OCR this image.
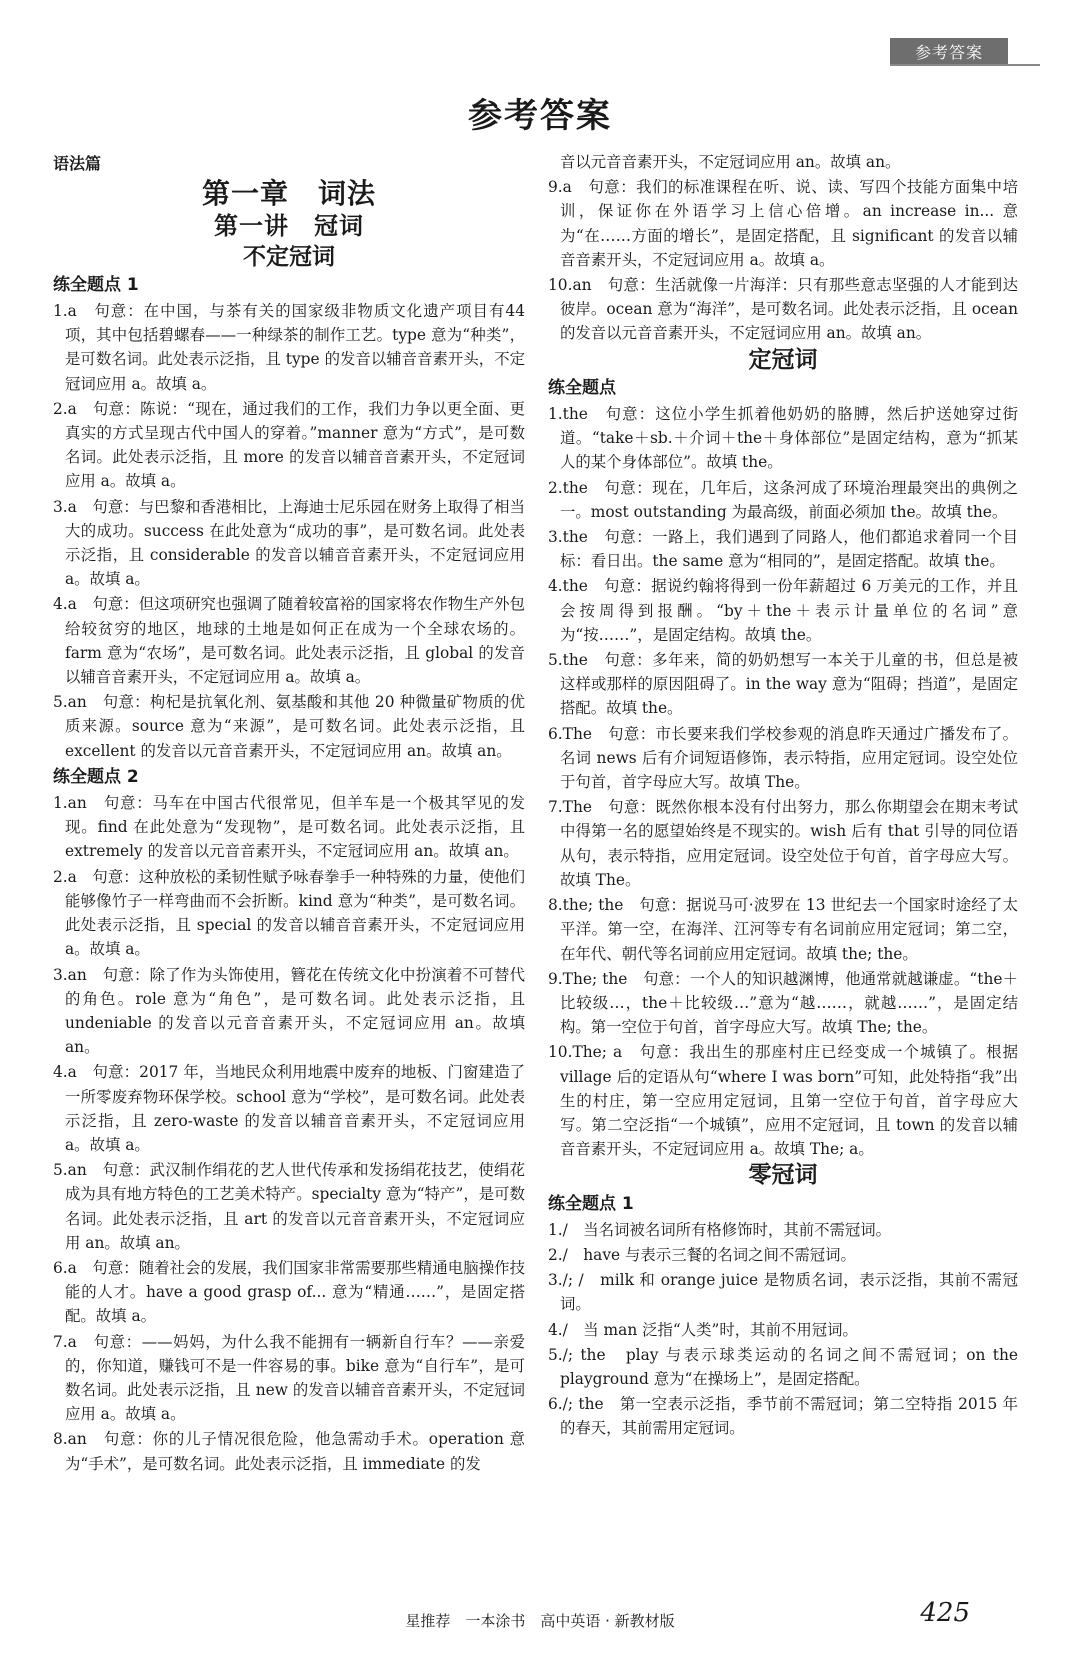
参考答案
参考答案
语法篇
第一章　词法
第一讲　冠词
不定冠词
练全题点 1
1.a　句意：在中国，与茶有关的国家级非物质文化遗产项目有44项，其中包括碧螺春——一种绿茶的制作工艺。type 意为“种类”，是可数名词。此处表示泛指，且 type 的发音以辅音音素开头，不定冠词应用 a。故填 a。
2.a　句意：陈说：“现在，通过我们的工作，我们力争以更全面、更真实的方式呈现古代中国人的穿着。”manner 意为“方式”，是可数名词。此处表示泛指，且 more 的发音以辅音音素开头，不定冠词应用 a。故填 a。
3.a　句意：与巴黎和香港相比，上海迪士尼乐园在财务上取得了相当大的成功。success 在此处意为“成功的事”，是可数名词。此处表示泛指，且 considerable 的发音以辅音音素开头，不定冠词应用 a。故填 a。
4.a　句意：但这项研究也强调了随着较富裕的国家将农作物生产外包给较贫穷的地区，地球的土地是如何正在成为一个全球农场的。farm 意为“农场”，是可数名词。此处表示泛指，且 global 的发音以辅音音素开头，不定冠词应用 a。故填 a。
5.an　句意：枸杞是抗氧化剂、氨基酸和其他 20 种微量矿物质的优质来源。source 意为“来源”，是可数名词。此处表示泛指，且 excellent 的发音以元音音素开头，不定冠词应用 an。故填 an。
练全题点 2
1.an　句意：马车在中国古代很常见，但羊车是一个极其罕见的发现。find 在此处意为“发现物”，是可数名词。此处表示泛指，且 extremely 的发音以元音音素开头，不定冠词应用 an。故填 an。
2.a　句意：这种放松的柔韧性赋予咏春拳手一种特殊的力量，使他们能够像竹子一样弯曲而不会折断。kind 意为“种类”，是可数名词。此处表示泛指，且 special 的发音以辅音音素开头，不定冠词应用 a。故填 a。
3.an　句意：除了作为头饰使用，簪花在传统文化中扮演着不可替代的角色。role 意为“角色”，是可数名词。此处表示泛指，且 undeniable 的发音以元音音素开头，不定冠词应用 an。故填 an。
4.a　句意：2017 年，当地民众利用地震中废弃的地板、门窗建造了一所零废弃物环保学校。school 意为“学校”，是可数名词。此处表示泛指，且 zero-waste 的发音以辅音音素开头，不定冠词应用 a。故填 a。
5.an　句意：武汉制作绢花的艺人世代传承和发扬绢花技艺，使绢花成为具有地方特色的工艺美术特产。specialty 意为“特产”，是可数名词。此处表示泛指，且 art 的发音以元音音素开头，不定冠词应用 an。故填 an。
6.a　句意：随着社会的发展，我们国家非常需要那些精通电脑操作技能的人才。have a good grasp of... 意为“精通……”，是固定搭配。故填 a。
7.a　句意：——妈妈，为什么我不能拥有一辆新自行车？——亲爱的，你知道，赚钱可不是一件容易的事。bike 意为“自行车”，是可数名词。此处表示泛指，且 new 的发音以辅音音素开头，不定冠词应用 a。故填 a。
8.an　句意：你的儿子情况很危险，他急需动手术。operation 意为“手术”，是可数名词。此处表示泛指，且 immediate 的发
音以元音音素开头，不定冠词应用 an。故填 an。
9.a　句意：我们的标准课程在听、说、读、写四个技能方面集中培训，保证你在外语学习上信心倍增。an increase in... 意为“在……方面的增长”，是固定搭配，且 significant 的发音以辅音音素开头，不定冠词应用 a。故填 a。
10.an　句意：生活就像一片海洋：只有那些意志坚强的人才能到达彼岸。ocean 意为“海洋”，是可数名词。此处表示泛指，且 ocean 的发音以元音音素开头，不定冠词应用 an。故填 an。
定冠词
练全题点
1.the　句意：这位小学生抓着他奶奶的胳膊，然后护送她穿过街道。“take＋sb.＋介词＋the＋身体部位”是固定结构，意为“抓某人的某个身体部位”。故填 the。
2.the　句意：现在，几年后，这条河成了环境治理最突出的典例之一。most outstanding 为最高级，前面必须加 the。故填 the。
3.the　句意：一路上，我们遇到了同路人，他们都追求着同一个目标：看日出。the same 意为“相同的”，是固定搭配。故填 the。
4.the　句意：据说约翰将得到一份年薪超过 6 万美元的工作，并且会按周得到报酬。“by＋the＋表示计量单位的名词”意为“按……”，是固定结构。故填 the。
5.the　句意：多年来，简的奶奶想写一本关于儿童的书，但总是被这样或那样的原因阻碍了。in the way 意为“阻碍；挡道”，是固定搭配。故填 the。
6.The　句意：市长要来我们学校参观的消息昨天通过广播发布了。名词 news 后有介词短语修饰，表示特指，应用定冠词。设空处位于句首，首字母应大写。故填 The。
7.The　句意：既然你根本没有付出努力，那么你期望会在期末考试中得第一名的愿望始终是不现实的。wish 后有 that 引导的同位语从句，表示特指，应用定冠词。设空处位于句首，首字母应大写。故填 The。
8.the; the　句意：据说马可·波罗在 13 世纪去一个国家时途经了太平洋。第一空，在海洋、江河等专有名词前应用定冠词；第二空，在年代、朝代等名词前应用定冠词。故填 the; the。
9.The; the　句意：一个人的知识越渊博，他通常就越谦虚。“the＋比较级…，the＋比较级…”意为“越……，就越……”，是固定结构。第一空位于句首，首字母应大写。故填 The; the。
10.The; a　句意：我出生的那座村庄已经变成一个城镇了。根据 village 后的定语从句“where I was born”可知，此处特指“我”出生的村庄，第一空应用定冠词，且第一空位于句首，首字母应大写。第二空泛指“一个城镇”，应用不定冠词，且 town 的发音以辅音音素开头，不定冠词应用 a。故填 The; a。
零冠词
练全题点 1
1./　当名词被名词所有格修饰时，其前不需冠词。
2./　have 与表示三餐的名词之间不需冠词。
3./; /　milk 和 orange juice 是物质名词，表示泛指，其前不需冠词。
4./　当 man 泛指“人类”时，其前不用冠词。
5./; the　play 与表示球类运动的名词之间不需冠词；on the playground 意为“在操场上”，是固定搭配。
6./; the　第一空表示泛指，季节前不需冠词；第二空特指 2015 年的春天，其前需用定冠词。
星推荐　一本涂书　高中英语 · 新教材版	425
